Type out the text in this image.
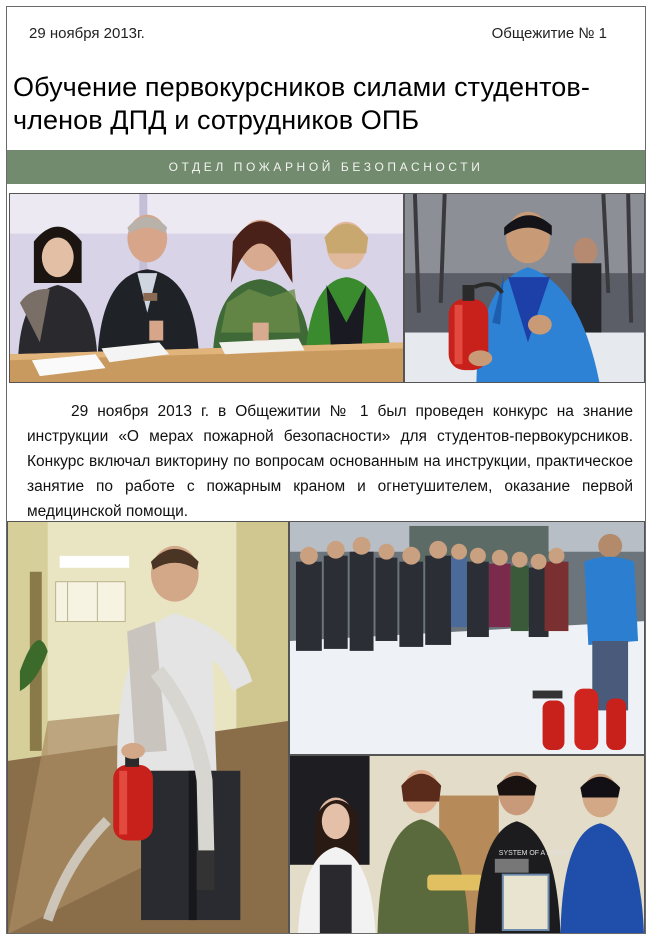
29 ноября 2013г.	Общежитие № 1
Обучение первокурсников силами студентов-членов ДПД и сотрудников ОПБ
ОТДЕЛ ПОЖАРНОЙ БЕЗОПАСНОСТИ

29 ноября 2013 г. в Общежитии № 1 был проведен конкурс на знание инструкции «О мерах пожарной безопасности» для студентов-первокурсников. Конкурс включал викторину по вопросам основанным на инструкции, практическое занятие по работе с пожарным краном и огнетушителем, оказание первой медицинской помощи.

SYSTEM OF A DOWN
